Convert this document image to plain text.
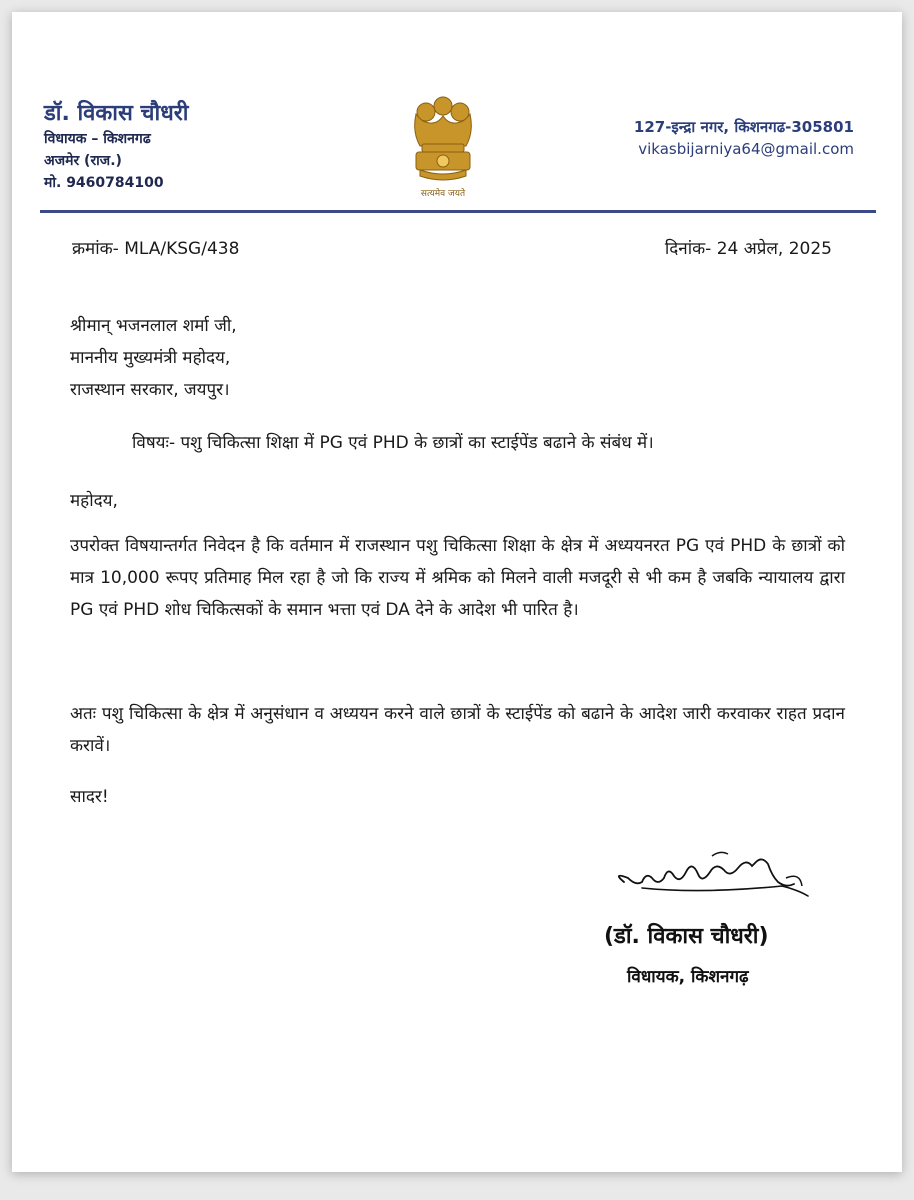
डॉ. विकास चौधरी

विधायक – किशनगढ

अजमेर (राज.)

मो. 9460784100

सत्यमेव जयते

127-इन्द्रा नगर, किशनगढ-305801

vikasbijarniya64@gmail.com

क्रमांक- MLA/KSG/438	दिनांक- 24 अप्रेल, 2025

श्रीमान् भजनलाल शर्मा जी,

माननीय मुख्यमंत्री महोदय,

राजस्थान सरकार, जयपुर।

विषयः- पशु चिकित्सा शिक्षा में PG एवं PHD के छात्रों का स्टाईपेंड बढाने के संबंध में।
महोदय,

उपरोक्त विषयान्तर्गत निवेदन है कि वर्तमान में राजस्थान पशु चिकित्सा शिक्षा के क्षेत्र में अध्ययनरत PG एवं PHD के छात्रों को मात्र 10,000 रूपए प्रतिमाह मिल रहा है जो कि राज्य में श्रमिक को मिलने वाली मजदूरी से भी कम है जबकि न्यायालय द्वारा PG एवं PHD शोध चिकित्सकों के समान भत्ता एवं DA देने के आदेश भी पारित है।

अतः पशु चिकित्सा के क्षेत्र में अनुसंधान व अध्ययन करने वाले छात्रों के स्टाईपेंड को बढाने के आदेश जारी करवाकर राहत प्रदान करावें।

सादर!
(डॉ. विकास चौधरी)
विधायक, किशनगढ़
